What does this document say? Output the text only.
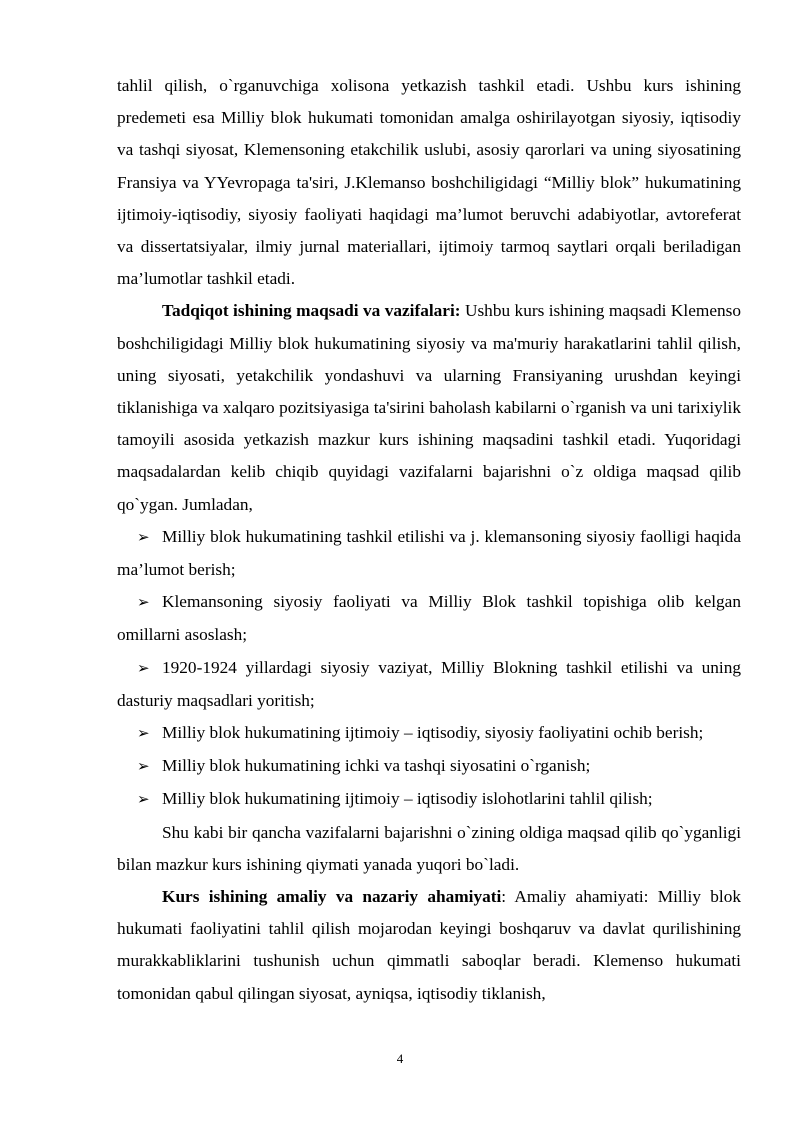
tahlil qilish, o`rganuvchiga xolisona yetkazish tashkil etadi. Ushbu kurs ishining predemeti esa Milliy blok hukumati tomonidan amalga oshirilayotgan siyosiy, iqtisodiy va tashqi siyosat, Klemensoning etakchilik uslubi, asosiy qarorlari va uning siyosatining Fransiya va YYevropaga ta'siri, J.Klemanso boshchiligidagi “Milliy blok” hukumatining ijtimoiy-iqtisodiy, siyosiy faoliyati haqidagi ma’lumot beruvchi adabiyotlar, avtoreferat va dissertatsiyalar, ilmiy jurnal materiallari, ijtimoiy tarmoq saytlari orqali beriladigan ma’lumotlar tashkil etadi.

Tadqiqot ishining maqsadi va vazifalari: Ushbu kurs ishining maqsadi Klemenso boshchiligidagi Milliy blok hukumatining siyosiy va ma'muriy harakatlarini tahlil qilish, uning siyosati, yetakchilik yondashuvi va ularning Fransiyaning urushdan keyingi tiklanishiga va xalqaro pozitsiyasiga ta'sirini baholash kabilarni o`rganish va uni tarixiylik tamoyili asosida yetkazish mazkur kurs ishining maqsadini tashkil etadi. Yuqoridagi maqsadalardan kelib chiqib quyidagi vazifalarni bajarishni o`z oldiga maqsad qilib qo`ygan. Jumladan,

➢ Milliy blok hukumatining tashkil etilishi va j. klemansoning siyosiy faolligi haqida ma’lumot berish;

➢ Klemansoning siyosiy faoliyati va Milliy Blok tashkil topishiga olib kelgan omillarni asoslash;

➢ 1920-1924 yillardagi siyosiy vaziyat, Milliy Blokning tashkil etilishi va uning dasturiy maqsadlari yoritish;

➢ Milliy blok hukumatining ijtimoiy – iqtisodiy, siyosiy faoliyatini ochib berish;

➢ Milliy blok hukumatining ichki va tashqi siyosatini o`rganish;

➢ Milliy blok hukumatining ijtimoiy – iqtisodiy islohotlarini tahlil qilish;

Shu kabi bir qancha vazifalarni bajarishni o`zining oldiga maqsad qilib qo`yganligi bilan mazkur kurs ishining qiymati yanada yuqori bo`ladi.

Kurs ishining amaliy va nazariy ahamiyati: Amaliy ahamiyati: Milliy blok hukumati faoliyatini tahlil qilish mojarodan keyingi boshqaruv va davlat qurilishining murakkabliklarini tushunish uchun qimmatli saboqlar beradi. Klemenso hukumati tomonidan qabul qilingan siyosat, ayniqsa, iqtisodiy tiklanish,

4
